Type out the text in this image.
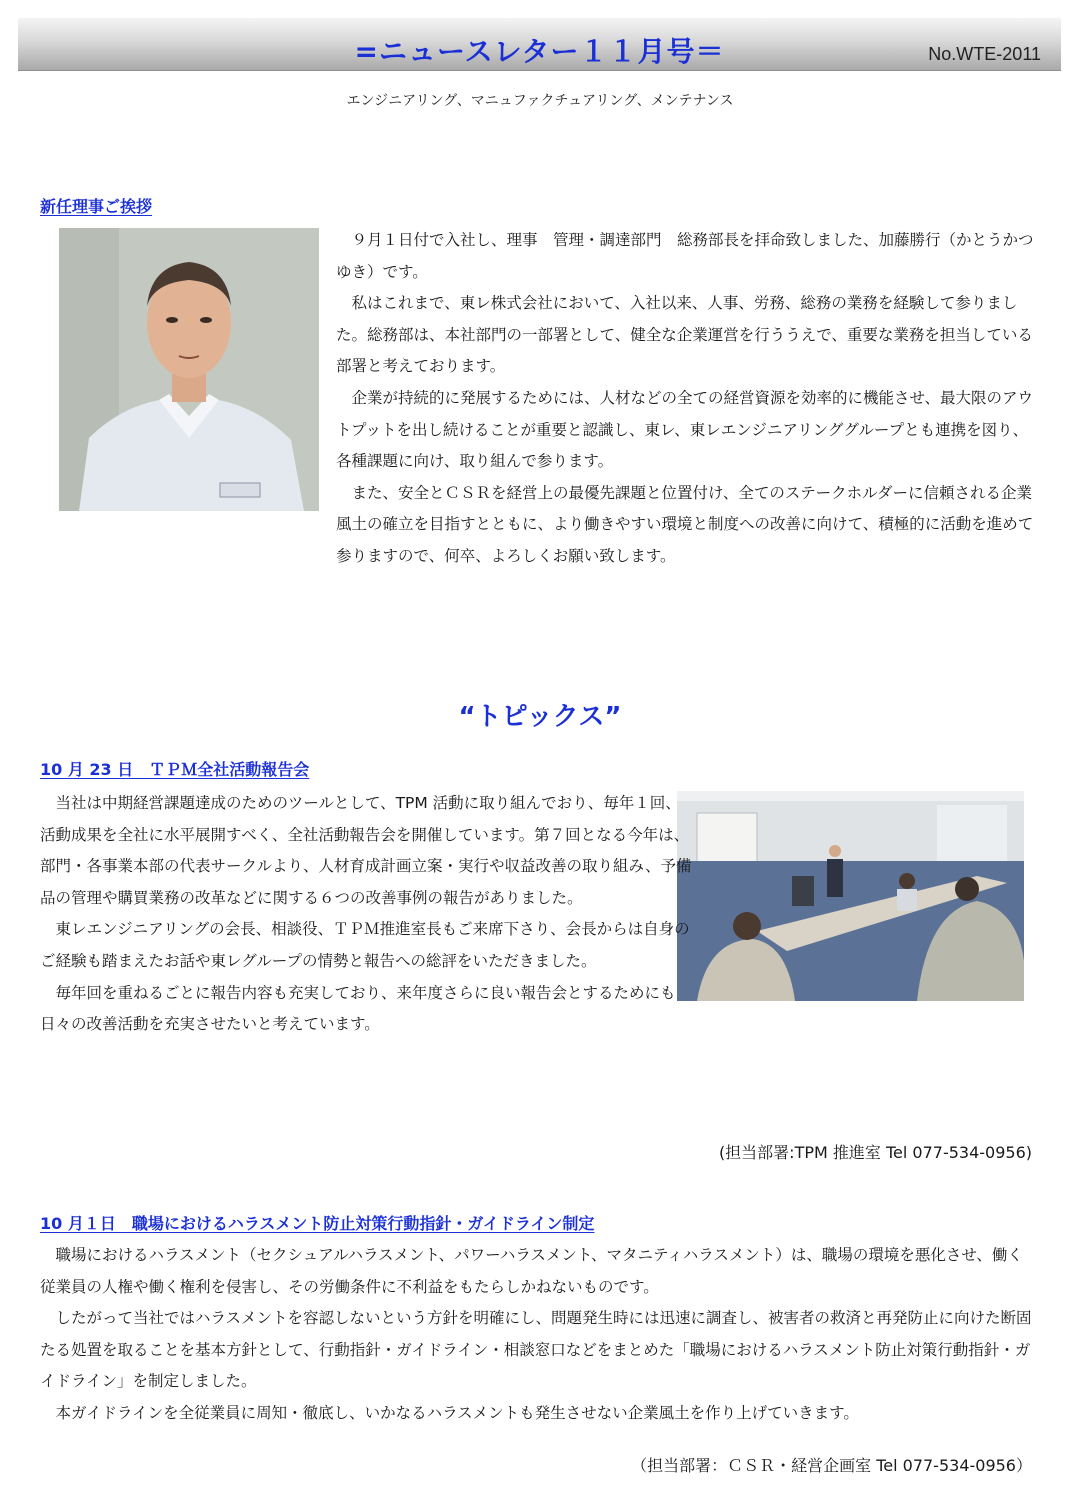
=ニュースレター１１月号＝	No.WTE-2011
エンジニアリング、マニュファクチュアリング、メンテナンス
新任理事ご挨拶

９月１日付で入社し、理事　管理・調達部門　総務部長を拝命致しました、加藤勝行（かとうかつゆき）です。

私はこれまで、東レ株式会社において、入社以来、人事、労務、総務の業務を経験して参りました。総務部は、本社部門の一部署として、健全な企業運営を行ううえで、重要な業務を担当している部署と考えております。

企業が持続的に発展するためには、人材などの全ての経営資源を効率的に機能させ、最大限のアウトプットを出し続けることが重要と認識し、東レ、東レエンジニアリンググループとも連携を図り、各種課題に向け、取り組んで参ります。

また、安全とＣＳＲを経営上の最優先課題と位置付け、全てのステークホルダーに信頼される企業風土の確立を目指すとともに、より働きやすい環境と制度への改善に向けて、積極的に活動を進めて参りますので、何卒、よろしくお願い致します。

“トピックス”
10 月 23 日　ＴＰＭ全社活動報告会

当社は中期経営課題達成のためのツールとして、TPM 活動に取り組んでおり、毎年１回、活動成果を全社に水平展開すべく、全社活動報告会を開催しています。第７回となる今年は、部門・各事業本部の代表サークルより、人材育成計画立案・実行や収益改善の取り組み、予備品の管理や購買業務の改革などに関する６つの改善事例の報告がありました。

東レエンジニアリングの会長、相談役、ＴＰＭ推進室長もご来席下さり、会長からは自身のご経験も踏まえたお話や東レグループの情勢と報告への総評をいただきました。

毎年回を重ねるごとに報告内容も充実しており、来年度さらに良い報告会とするためにも日々の改善活動を充実させたいと考えています。

(担当部署:TPM 推進室 Tel 077-534-0956)
10 月１日　職場におけるハラスメント防止対策行動指針・ガイドライン制定

職場におけるハラスメント（セクシュアルハラスメント、パワーハラスメント、マタニティハラスメント）は、職場の環境を悪化させ、働く従業員の人権や働く権利を侵害し、その労働条件に不利益をもたらしかねないものです。

したがって当社ではハラスメントを容認しないという方針を明確にし、問題発生時には迅速に調査し、被害者の救済と再発防止に向けた断固たる処置を取ることを基本方針として、行動指針・ガイドライン・相談窓口などをまとめた「職場におけるハラスメント防止対策行動指針・ガイドライン」を制定しました。

本ガイドラインを全従業員に周知・徹底し、いかなるハラスメントも発生させない企業風土を作り上げていきます。

（担当部署：ＣＳＲ・経営企画室 Tel 077-534-0956）
